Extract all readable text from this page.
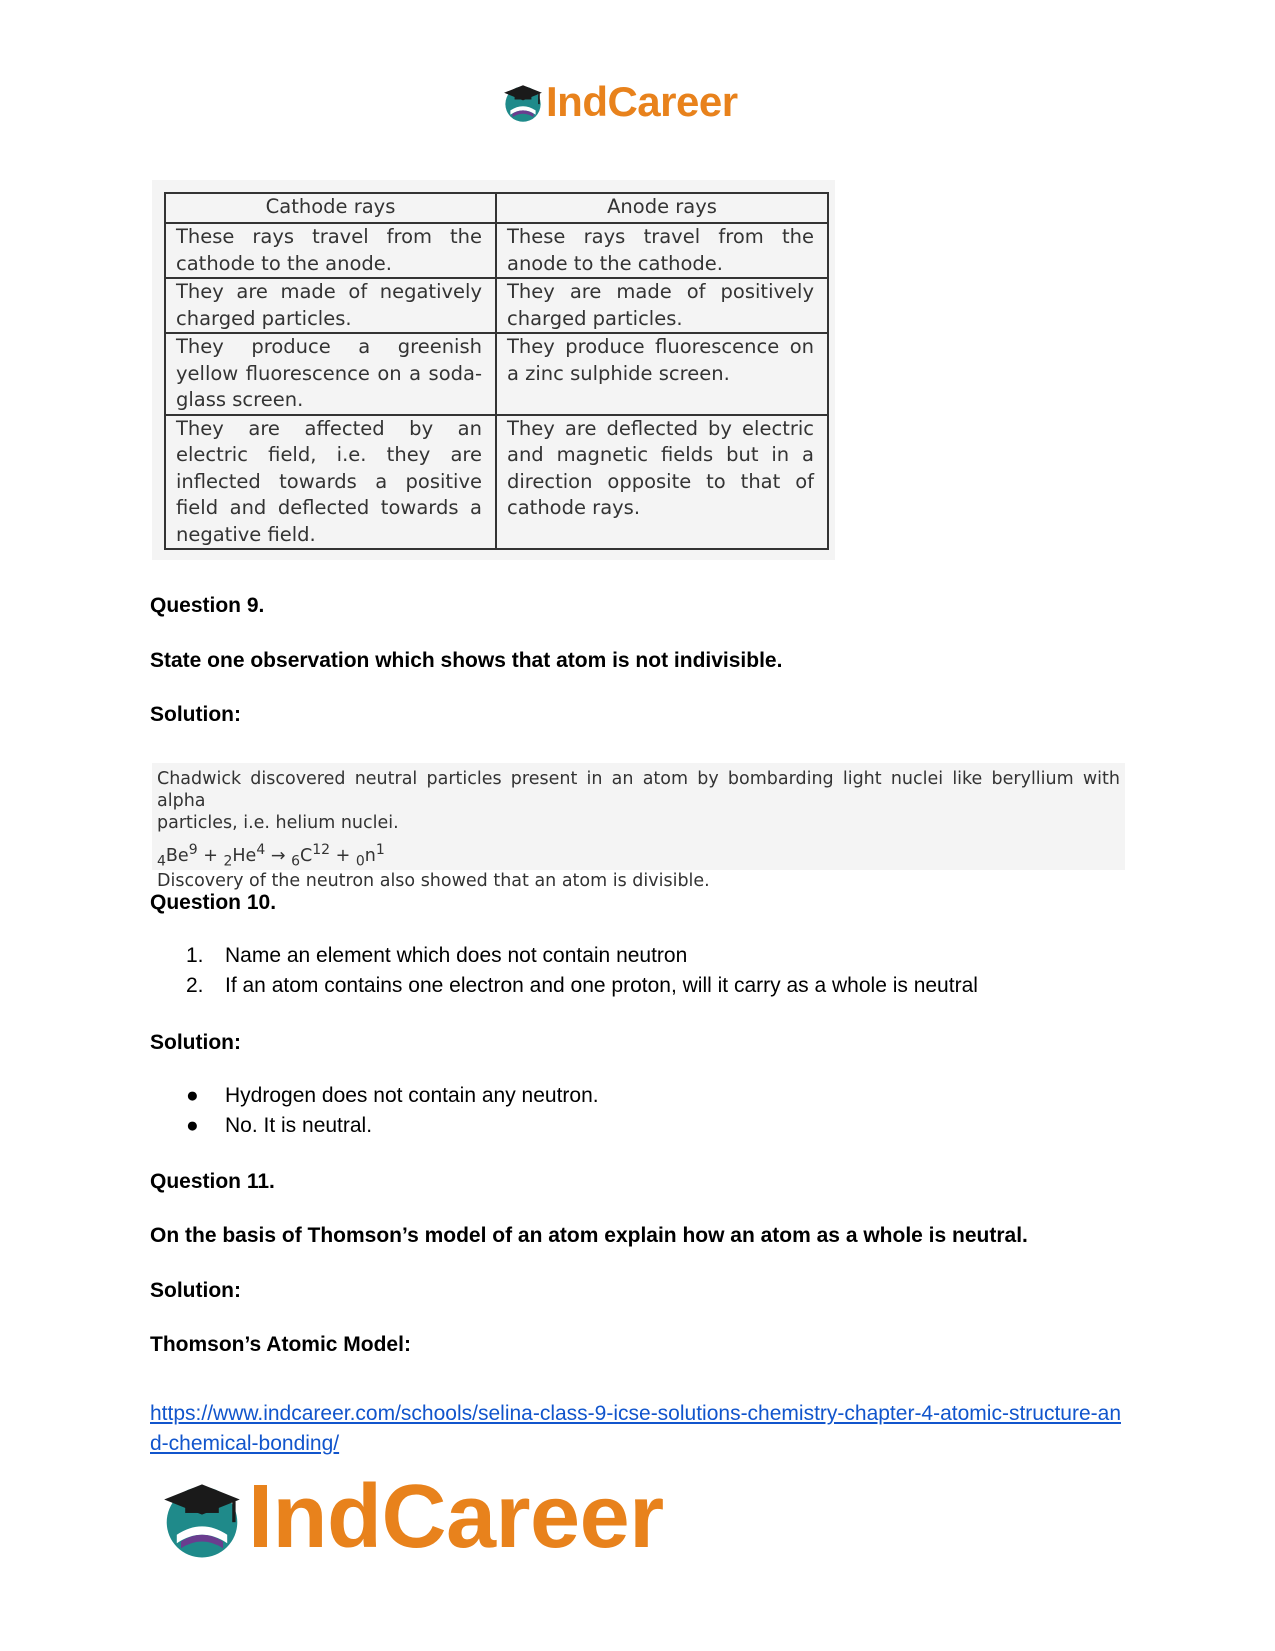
IndCareer
Cathode rays	Anode rays
These rays travel from the cathode to the anode.	These rays travel from the anode to the cathode.
They are made of negatively charged particles.	They are made of positively charged particles.
They produce a greenish yellow fluorescence on a soda-glass screen.	They produce fluorescence on a zinc sulphide screen.
They are affected by an electric field, i.e. they are inflected towards a positive field and deflected towards a negative field.	They are deflected by electric and magnetic fields but in a direction opposite to that of cathode rays.

Question 9.

State one observation which shows that atom is not indivisible.

Solution:

Chadwick discovered neutral particles present in an atom by bombarding light nuclei like beryllium with alpha
particles, i.e. helium nuclei.
$_4Be^9 + _2He^4 \to _6C^{12} + _0n^1$
Discovery of the neutron also showed that an atom is divisible.

Question 10.

1. Name an element which does not contain neutron
2. If an atom contains one electron and one proton, will it carry as a whole is neutral

Solution:

● Hydrogen does not contain any neutron.
● No. It is neutral.

Question 11.

On the basis of Thomson’s model of an atom explain how an atom as a whole is neutral.

Solution:

Thomson’s Atomic Model:

https://www.indcareer.com/schools/selina-class-9-icse-solutions-chemistry-chapter-4-atomic-structure-and-chemical-bonding/
IndCareer
